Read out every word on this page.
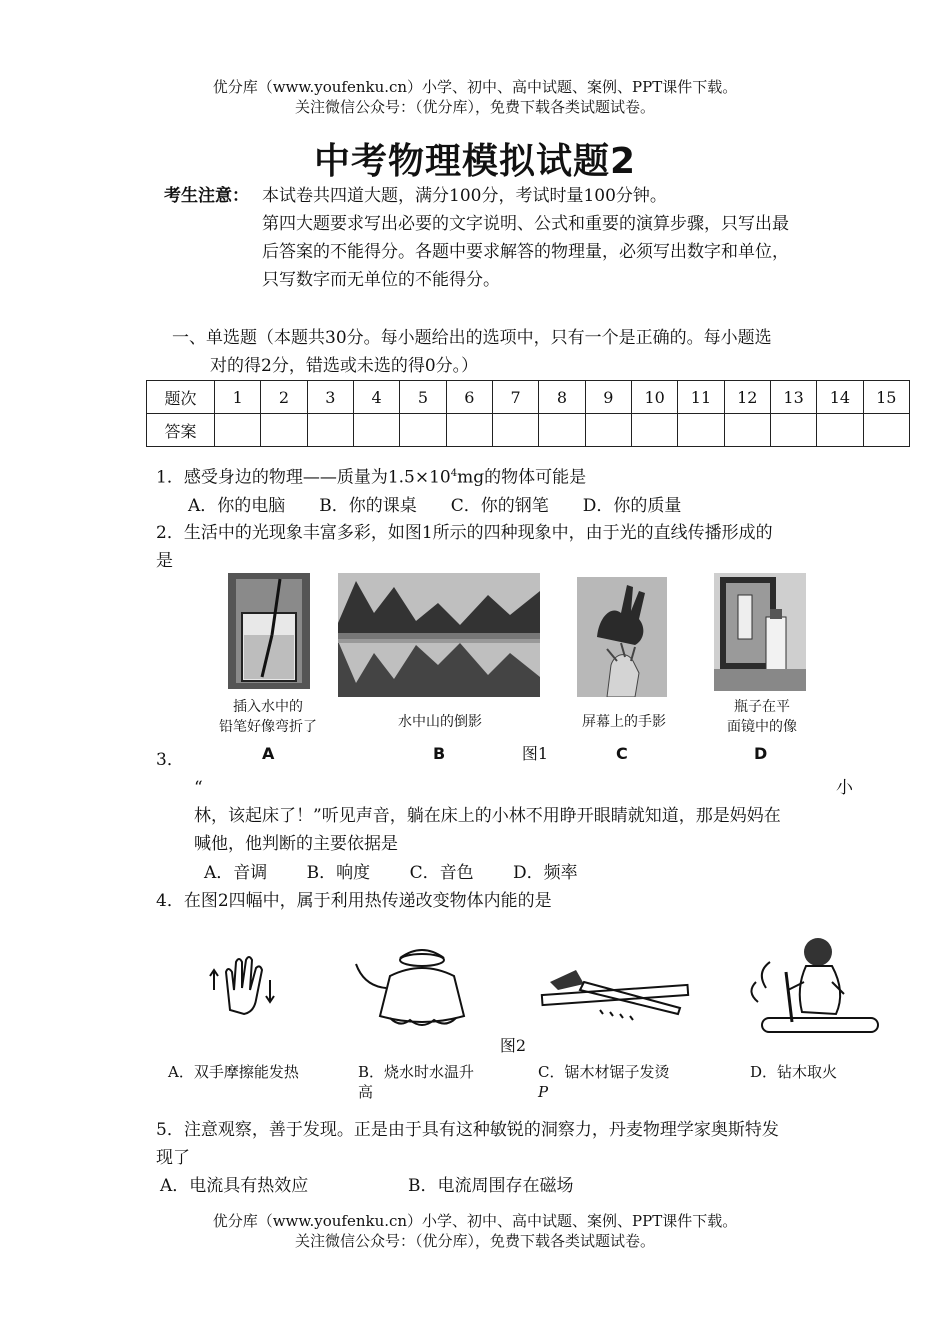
优分库（www.youfenku.cn）小学、初中、高中试题、案例、PPT课件下载。
关注微信公众号：（优分库），免费下载各类试题试卷。
中考物理模拟试题2
考生注意： 本试卷共四道大题，满分100分，考试时量100分钟。
第四大题要求写出必要的文字说明、公式和重要的演算步骤，只写出最
后答案的不能得分。各题中要求解答的物理量，必须写出数字和单位，
只写数字而无单位的不能得分。
一、单选题（本题共30分。每小题给出的选项中，只有一个是正确的。每小题选
对的得2分，错选或未选的得0分。）
题次	1	2	3	4	5	6	7	8	9	10	11	12	13	14	15
答案															
1．感受身边的物理——质量为$1.5\times 10^4mg$的物体可能是
A．你的电脑　　B．你的课桌　　C．你的钢笔　　D．你的质量
2．生活中的光现象丰富多彩，如图1所示的四种现象中，由于光的直线传播形成的
是
插入水中的
铅笔好像弯折了	水中山的倒影	屏幕上的手影
瓶子在平
面镜中的像
A	B	图1	C	D
3．
“	小
林，该起床了！”听见声音，躺在床上的小林不用睁开眼睛就知道，那是妈妈在
喊他，他判断的主要依据是
A．音调　　 B．响度　　 C．音色　　 D．频率
4．在图2四幅中，属于利用热传递改变物体内能的是
图2
A．双手摩擦能发热	B．烧水时水温升
高
C．锯木材锯子发烫
P
D．钻木取火
5．注意观察，善于发现。正是由于具有这种敏锐的洞察力，丹麦物理学家奥斯特发
现了
A．电流具有热效应	B．电流周围存在磁场
优分库（www.youfenku.cn）小学、初中、高中试题、案例、PPT课件下载。
关注微信公众号：（优分库），免费下载各类试题试卷。
